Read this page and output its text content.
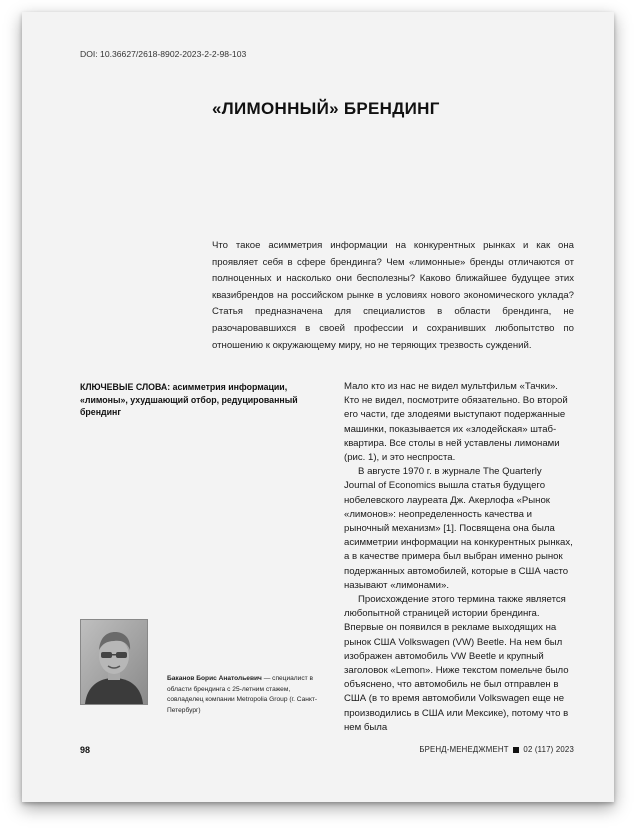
DOI: 10.36627/2618-8902-2023-2-2-98-103
«ЛИМОННЫЙ» БРЕНДИНГ
Что такое асимметрия информации на конкурентных рынках и как она проявляет себя в сфере брендинга? Чем «лимонные» бренды отличаются от полноценных и насколько они бесполезны? Каково ближайшее будущее этих квазибрендов на российском рынке в условиях нового экономического уклада? Статья предназначена для специалистов в области брендинга, не разочаровавшихся в своей профессии и сохранивших любопытство по отношению к окружающему миру, но не теряющих трезвость суждений.
КЛЮЧЕВЫЕ СЛОВА: асимметрия информации, «лимоны», ухудшающий отбор, редуцированный брендинг

Мало кто из нас не видел мультфильм «Тачки». Кто не видел, посмотрите обязательно. Во второй его части, где злодеями выступают подержанные машинки, показывается их «злодейская» штаб-квартира. Все столы в ней уставлены лимонами (рис. 1), и это неспроста.

В августе 1970 г. в журнале The Quarterly Journal of Economics вышла статья будущего нобелевского лауреата Дж. Акерлофа «Рынок «лимонов»: неопределенность качества и рыночный механизм» [1]. Посвящена она была асимметрии информации на конкурентных рынках, а в качестве примера был выбран именно рынок подержанных автомобилей, которые в США часто называют «лимонами».

Происхождение этого термина также является любопытной страницей истории брендинга. Впервые он появился в рекламе выходящих на рынок США Volkswagen (VW) Beetle. На нем был изображен автомобиль VW Beetle и крупный заголовок «Lemon». Ниже текстом помельче было объяснено, что автомобиль не был отправлен в США (в то время автомобили Volkswagen еще не производились в США или Мексике), потому что в нем была

Баканов Борис Анатольевич — специалист в области брендинга с 25-летним стажем, совладелец компании Metropolia Group (г. Санкт-Петербург)
98	БРЕНД-МЕНЕДЖМЕНТ 02 (117) 2023
